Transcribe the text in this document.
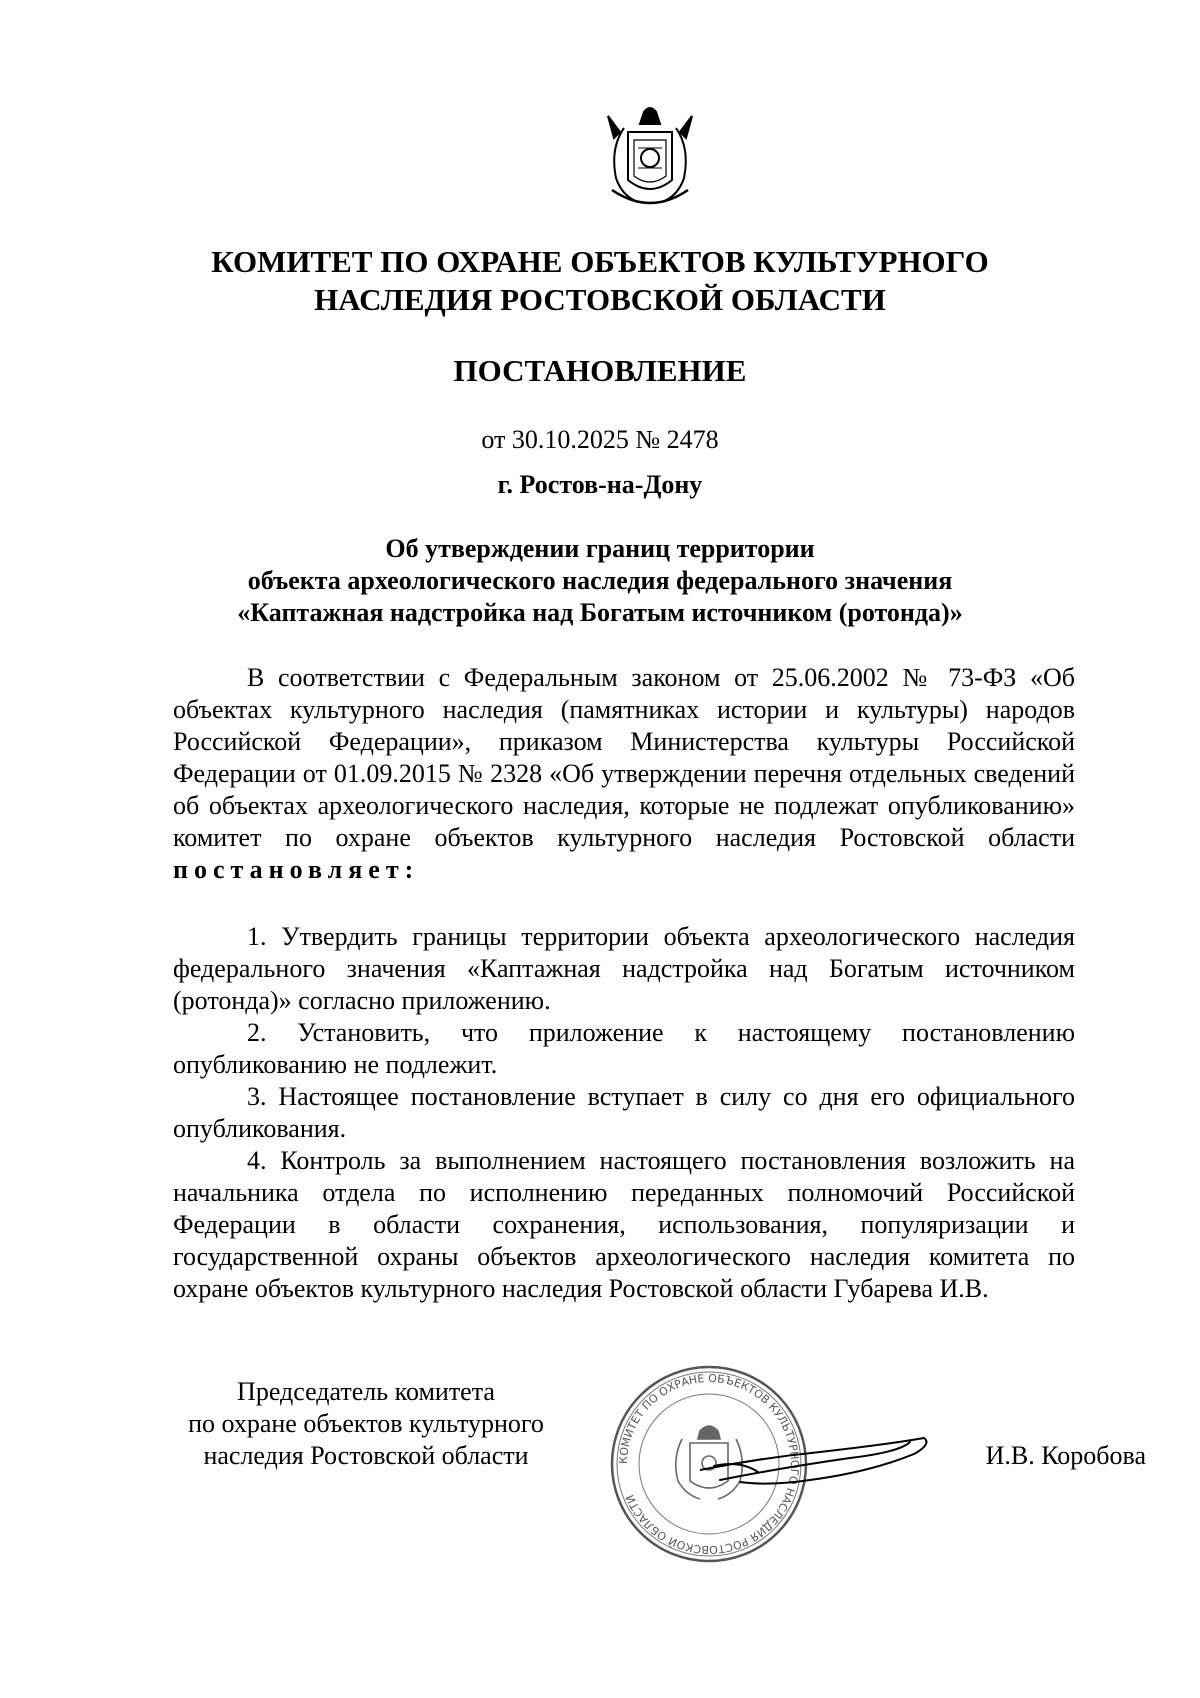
КОМИТЕТ ПО ОХРАНЕ ОБЪЕКТОВ КУЛЬТУРНОГО
НАСЛЕДИЯ РОСТОВСКОЙ ОБЛАСТИ
ПОСТАНОВЛЕНИЕ
от 30.10.2025 № 2478
г. Ростов-на-Дону
Об утверждении границ территории
объекта археологического наследия федерального значения
«Каптажная надстройка над Богатым источником (ротонда)»

В соответствии с Федеральным законом от 25.06.2002 № 73-ФЗ «Об объектах культурного наследия (памятниках истории и культуры) народов Российской Федерации», приказом Министерства культуры Российской Федерации от 01.09.2015 № 2328 «Об утверждении перечня отдельных сведений об объектах археологического наследия, которые не подлежат опубликованию» комитет по охране объектов культурного наследия Ростовской области постановляет:

1. Утвердить границы территории объекта археологического наследия федерального значения «Каптажная надстройка над Богатым источником (ротонда)» согласно приложению.

2. Установить, что приложение к настоящему постановлению опубликованию не подлежит.

3. Настоящее постановление вступает в силу со дня его официального опубликования.

4. Контроль за выполнением настоящего постановления возложить на начальника отдела по исполнению переданных полномочий Российской Федерации в области сохранения, использования, популяризации и государственной охраны объектов археологического наследия комитета по охране объектов культурного наследия Ростовской области Губарева И.В.

Председатель комитета
по охране объектов культурного
наследия Ростовской области	КОМИТЕТ ПО ОХРАНЕ ОБЪЕКТОВ КУЛЬТУРНОГО НАСЛЕДИЯ РОСТОВСКОЙ ОБЛАСТИ
И.В. Коробова
